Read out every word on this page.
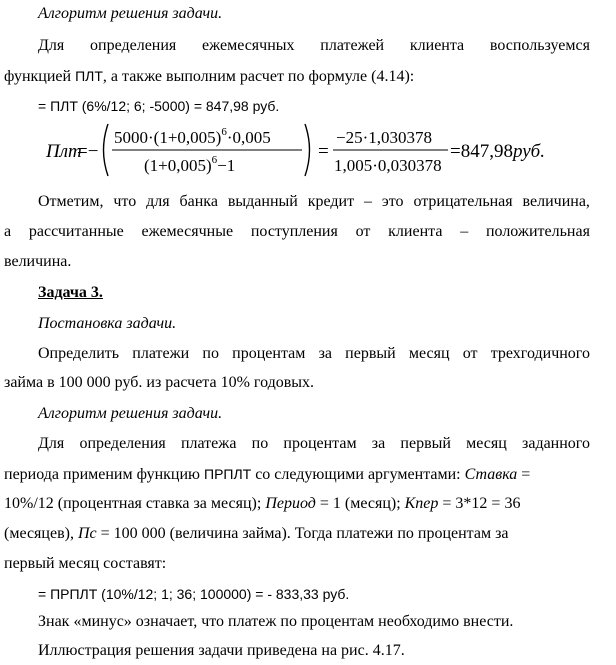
Алгоритм решения задачи.
Для определения ежемесячных платежей клиента воспользуемся
функцией ПЛТ, а также выполним расчет по формуле (4.14):
= ПЛТ (6%/12; 6; -5000) = 847,98 руб.
Плт
=−
$5000\cdot(1+0,005)^6\cdot 0,005$
$(1+0,005)^6-1$
=
−25·1,030378
1,005·0,030378
=847,98руб.
Отметим, что для банка выданный кредит – это отрицательная величина,
а рассчитанные ежемесячные поступления от клиента – положительная
величина.
Задача 3.
Постановка задачи.
Определить платежи по процентам за первый месяц от трехгодичного
займа в 100 000 руб. из расчета 10% годовых.
Алгоритм решения задачи.
Для определения платежа по процентам за первый месяц заданного
периода применим функцию ПРПЛТ со следующими аргументами: Ставка =
10%/12 (процентная ставка за месяц); Период = 1 (месяц); Кпер = 3*12 = 36
(месяцев), Пс = 100 000 (величина займа). Тогда платежи по процентам за
первый месяц составят:
= ПРПЛТ (10%/12; 1; 36; 100000) = - 833,33 руб.
Знак «минус» означает, что платеж по процентам необходимо внести.
Иллюстрация решения задачи приведена на рис. 4.17.
